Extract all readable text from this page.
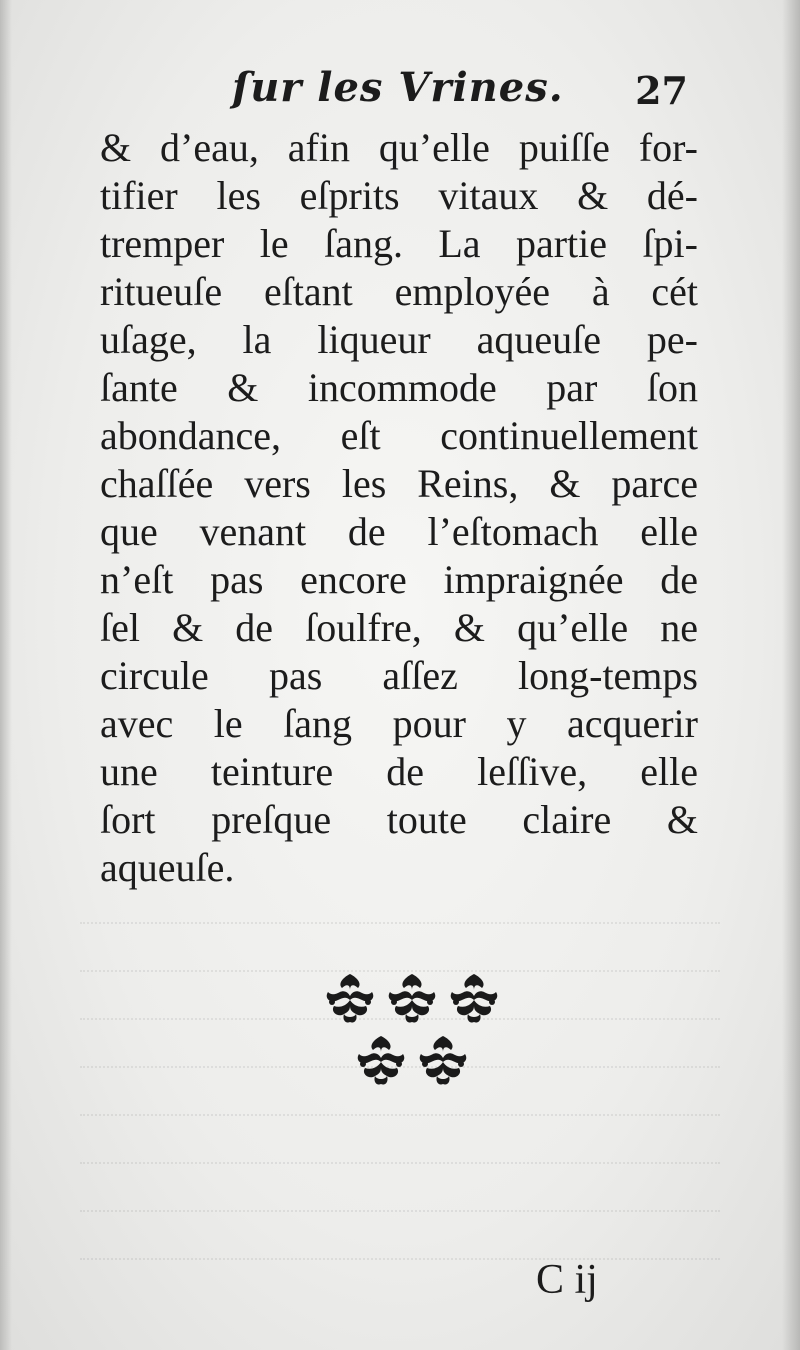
ſur les Vrines. 27
& d’eau, afin qu’elle puiſſe for-
tifier les eſprits vitaux & dé-
tremper le ſang. La partie ſpi-
ritueuſe eſtant employée à cét
uſage, la liqueur aqueuſe pe-
ſante & incommode par ſon
abondance, eſt continuellement
chaſſée vers les Reins, & parce
que venant de l’eſtomach elle
n’eſt pas encore impraignée de
ſel & de ſoulfre, & qu’elle ne
circule pas aſſez long-temps
avec le ſang pour y acquerir
une teinture de leſſive, elle
ſort preſque toute claire &
aqueuſe.
C ij
